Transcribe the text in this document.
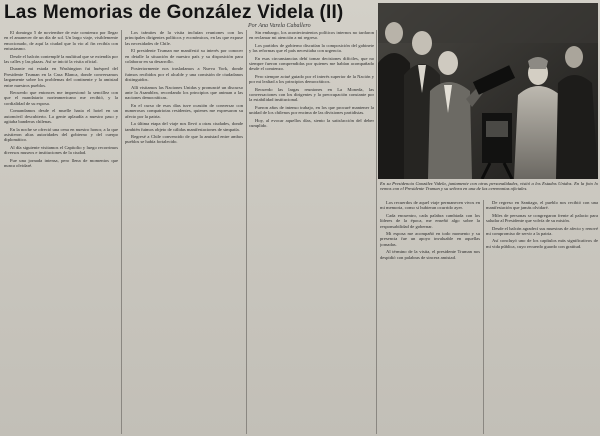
Las Memorias de González Videla (II)
Por Ana Varela Caballero

El domingo 5 de noviembre de este comienzo por llegar en el amanecer de un día de sol. Un largo viaje, visiblemente emocionado, de aquí la ciudad que la vio al fin recibía con entusiasmo.

Desde el balcón contemplé la multitud que se extendía por las calles y las plazas. Así se inició la visita oficial.

Durante mi estada en Washington fui huésped del Presidente Truman en la Casa Blanca, donde conversamos largamente sobre los problemas del continente y la amistad entre nuestros pueblos.

Recuerdo que entonces me impresionó la sencillez con que el mandatario norteamericano me recibió, y la cordialidad de su esposa.

Comandamos desde el muelle hasta el hotel en un automóvil descubierto. La gente aplaudía a nuestro paso y agitaba banderas chilenas.

En la noche se ofreció una cena en nuestro honor, a la que asistieron altas autoridades del gobierno y del cuerpo diplomático.

Al día siguiente visitamos el Capitolio y luego recorrimos diversos museos e instituciones de la ciudad.

Fue una jornada intensa, pero llena de momentos que nunca olvidaré.

Los trámites de la visita incluían reuniones con los principales dirigentes políticos y económicos, en las que expuse las necesidades de Chile.

El presidente Truman me manifestó su interés por conocer en detalle la situación de nuestro país y su disposición para colaborar en su desarrollo.

Posteriormente nos trasladamos a Nueva York, donde fuimos recibidos por el alcalde y una comisión de ciudadanos distinguidos.

Allí visitamos las Naciones Unidas y pronuncié un discurso ante la Asamblea, recordando los principios que animan a las naciones democráticas.

En el curso de esos días tuve ocasión de conversar con numerosos compatriotas residentes, quienes me expresaron su afecto por la patria.

La última etapa del viaje nos llevó a otras ciudades, donde también fuimos objeto de cálidas manifestaciones de simpatía.

Regresé a Chile convencido de que la amistad entre ambos pueblos se había fortalecido.

Sin embargo, los acontecimientos políticos internos no tardaron en reclamar mi atención a mi regreso.

Los partidos de gobierno discutían la composición del gabinete y las reformas que el país necesitaba con urgencia.

En esas circunstancias debí tomar decisiones difíciles, que no siempre fueron comprendidas por quienes me habían acompañado desde el comienzo.

Pero siempre actué guiado por el interés superior de la Nación y por mi lealtad a los principios democráticos.

Recuerdo las largas reuniones en La Moneda, las conversaciones con los dirigentes y la preocupación constante por la estabilidad institucional.

Fueron años de intenso trabajo, en los que procuré mantener la unidad de los chilenos por encima de las divisiones partidistas.

Hoy, al evocar aquellos días, siento la satisfacción del deber cumplido.

En su Presidencia González Videla, juntamente con otras personalidades, visitó a los Estados Unidos. En la foto lo vemos con el Presidente Truman y su señora en una de las ceremonias oficiales.

Los recuerdos de aquel viaje permanecen vivos en mi memoria, como si hubieran ocurrido ayer.

Cada encuentro, cada palabra cambiada con los líderes de la época, me enseñó algo sobre la responsabilidad de gobernar.

Mi esposa me acompañó en todo momento y su presencia fue un apoyo invaluable en aquellas jornadas.

Al término de la visita, el presidente Truman nos despidió con palabras de sincera amistad.

De regreso en Santiago, el pueblo nos recibió con una manifestación que jamás olvidaré.

Miles de personas se congregaron frente al palacio para saludar al Presidente que volvía de su misión.

Desde el balcón agradecí sus muestras de afecto y renové mi compromiso de servir a la patria.

Así concluyó uno de los capítulos más significativos de mi vida pública, cuyo recuerdo guardo con gratitud.
